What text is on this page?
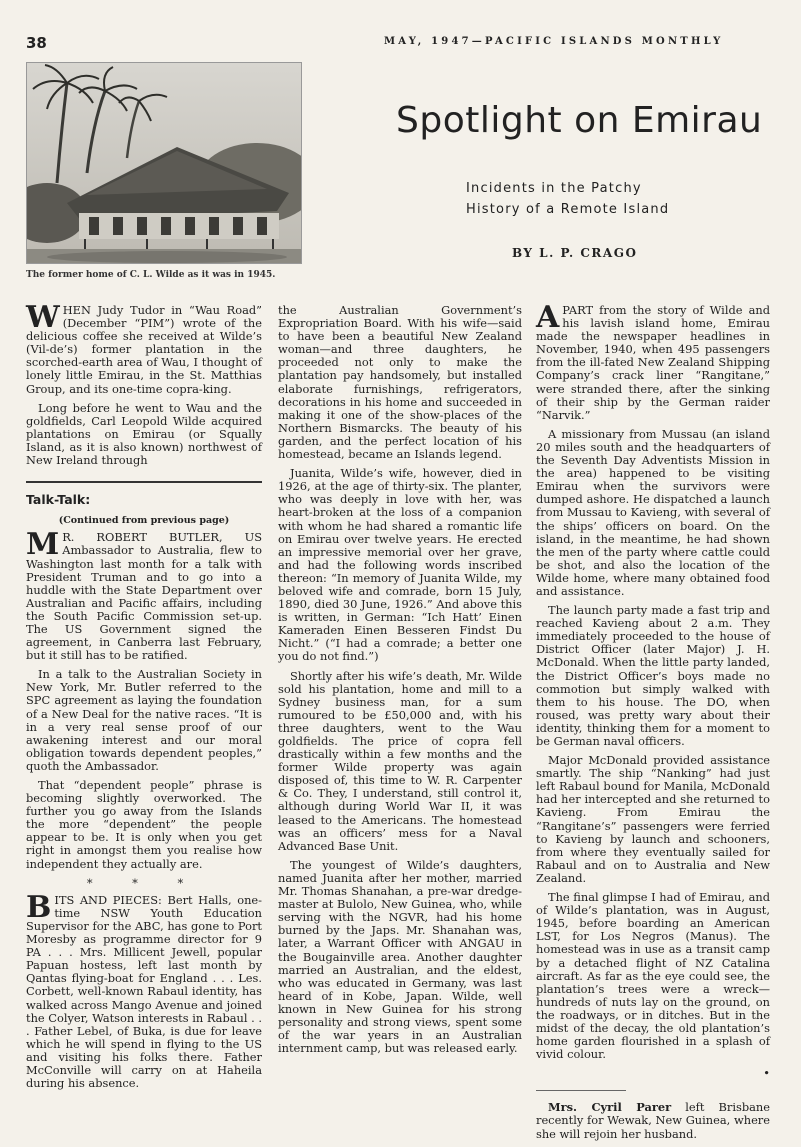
38	MAY, 1947—PACIFIC ISLANDS MONTHLY
The former home of C. L. Wilde as it was in 1945.
Spotlight on Emirau
Incidents in the Patchy
History of a Remote Island
BY L. P. CRAGO

WHEN Judy Tudor in “Wau Road” (December “PIM”) wrote of the delicious coffee she received at Wilde’s (Vil-de’s) former plantation in the scorched-earth area of Wau, I thought of lonely little Emirau, in the St. Matthias Group, and its one-time copra-king.

Long before he went to Wau and the goldfields, Carl Leopold Wilde acquired plantations on Emirau (or Squally Island, as it is also known) northwest of New Ireland through

Talk-Talk:
(Continued from previous page)

M R. ROBERT BUTLER, US Ambassador to Australia, flew to Washington last month for a talk with President Truman and to go into a huddle with the State Department over Australian and Pacific affairs, including the South Pacific Commission set-up. The US Government signed the agreement, in Canberra last February, but it still has to be ratified.

In a talk to the Australian Society in New York, Mr. Butler referred to the SPC agreement as laying the foundation of a New Deal for the native races. “It is in a very real sense proof of our awakening interest and our moral obligation towards dependent peoples,” quoth the Ambassador.

That “dependent people” phrase is becoming slightly overworked. The further you go away from the Islands the more “dependent” the people appear to be. It is only when you get right in amongst them you realise how independent they actually are.

* * *

BITS AND PIECES: Bert Halls, one-time NSW Youth Education Supervisor for the ABC, has gone to Port Moresby as programme director for 9 PA . . . Mrs. Millicent Jewell, popular Papuan hostess, left last month by Qantas flying-boat for England . . . Les. Corbett, well-known Rabaul identity, has walked across Mango Avenue and joined the Colyer, Watson interests in Rabaul . . . Father Lebel, of Buka, is due for leave which he will spend in flying to the US and visiting his folks there. Father McConville will carry on at Haheila during his absence.

the Australian Government’s Expropriation Board. With his wife—said to have been a beautiful New Zealand woman—and three daughters, he proceeded not only to make the plantation pay handsomely, but installed elaborate furnishings, refrigerators, decorations in his home and succeeded in making it one of the show-places of the Northern Bismarcks. The beauty of his garden, and the perfect location of his homestead, became an Islands legend.

Juanita, Wilde’s wife, however, died in 1926, at the age of thirty-six. The planter, who was deeply in love with her, was heart-broken at the loss of a companion with whom he had shared a romantic life on Emirau over twelve years. He erected an impressive memorial over her grave, and had the following words inscribed thereon: “In memory of Juanita Wilde, my beloved wife and comrade, born 15 July, 1890, died 30 June, 1926.” And above this is written, in German: “Ich Hatt’ Einen Kameraden Einen Besseren Findst Du Nicht.” (“I had a comrade; a better one you do not find.”)

Shortly after his wife’s death, Mr. Wilde sold his plantation, home and mill to a Sydney business man, for a sum rumoured to be £50,000 and, with his three daughters, went to the Wau goldfields. The price of copra fell drastically within a few months and the former Wilde property was again disposed of, this time to W. R. Carpenter & Co. They, I understand, still control it, although during World War II, it was leased to the Americans. The homestead was an officers’ mess for a Naval Advanced Base Unit.

The youngest of Wilde’s daughters, named Juanita after her mother, married Mr. Thomas Shanahan, a pre-war dredge-master at Bulolo, New Guinea, who, while serving with the NGVR, had his home burned by the Japs. Mr. Shanahan was, later, a Warrant Officer with ANGAU in the Bougainville area. Another daughter married an Australian, and the eldest, who was educated in Germany, was last heard of in Kobe, Japan. Wilde, well known in New Guinea for his strong personality and strong views, spent some of the war years in an Australian internment camp, but was released early.

APART from the story of Wilde and his lavish island home, Emirau made the newspaper headlines in November, 1940, when 495 passengers from the ill-fated New Zealand Shipping Company’s crack liner “Rangitane,” were stranded there, after the sinking of their ship by the German raider “Narvik.”

A missionary from Mussau (an island 20 miles south and the headquarters of the Seventh Day Adventists Mission in the area) happened to be visiting Emirau when the survivors were dumped ashore. He dispatched a launch from Mussau to Kavieng, with several of the ships’ officers on board. On the island, in the meantime, he had shown the men of the party where cattle could be shot, and also the location of the Wilde home, where many obtained food and assistance.

The launch party made a fast trip and reached Kavieng about 2 a.m. They immediately proceeded to the house of District Officer (later Major) J. H. McDonald. When the little party landed, the District Officer’s boys made no commotion but simply walked with them to his house. The DO, when roused, was pretty wary about their identity, thinking them for a moment to be German naval officers.

Major McDonald provided assistance smartly. The ship “Nanking” had just left Rabaul bound for Manila, McDonald had her intercepted and she returned to Kavieng. From Emirau the “Rangitane’s” passengers were ferried to Kavieng by launch and schooners, from where they eventually sailed for Rabaul and on to Australia and New Zealand.

The final glimpse I had of Emirau, and of Wilde’s plantation, was in August, 1945, before boarding an American LST, for Los Negros (Manus). The homestead was in use as a transit camp by a detached flight of NZ Catalina aircraft. As far as the eye could see, the plantation’s trees were a wreck—hundreds of nuts lay on the ground, on the roadways, or in ditches. But in the midst of the decay, the old plantation’s home garden flourished in a splash of vivid colour.

•

Mrs. Cyril Parer left Brisbane recently for Wewak, New Guinea, where she will rejoin her husband.
